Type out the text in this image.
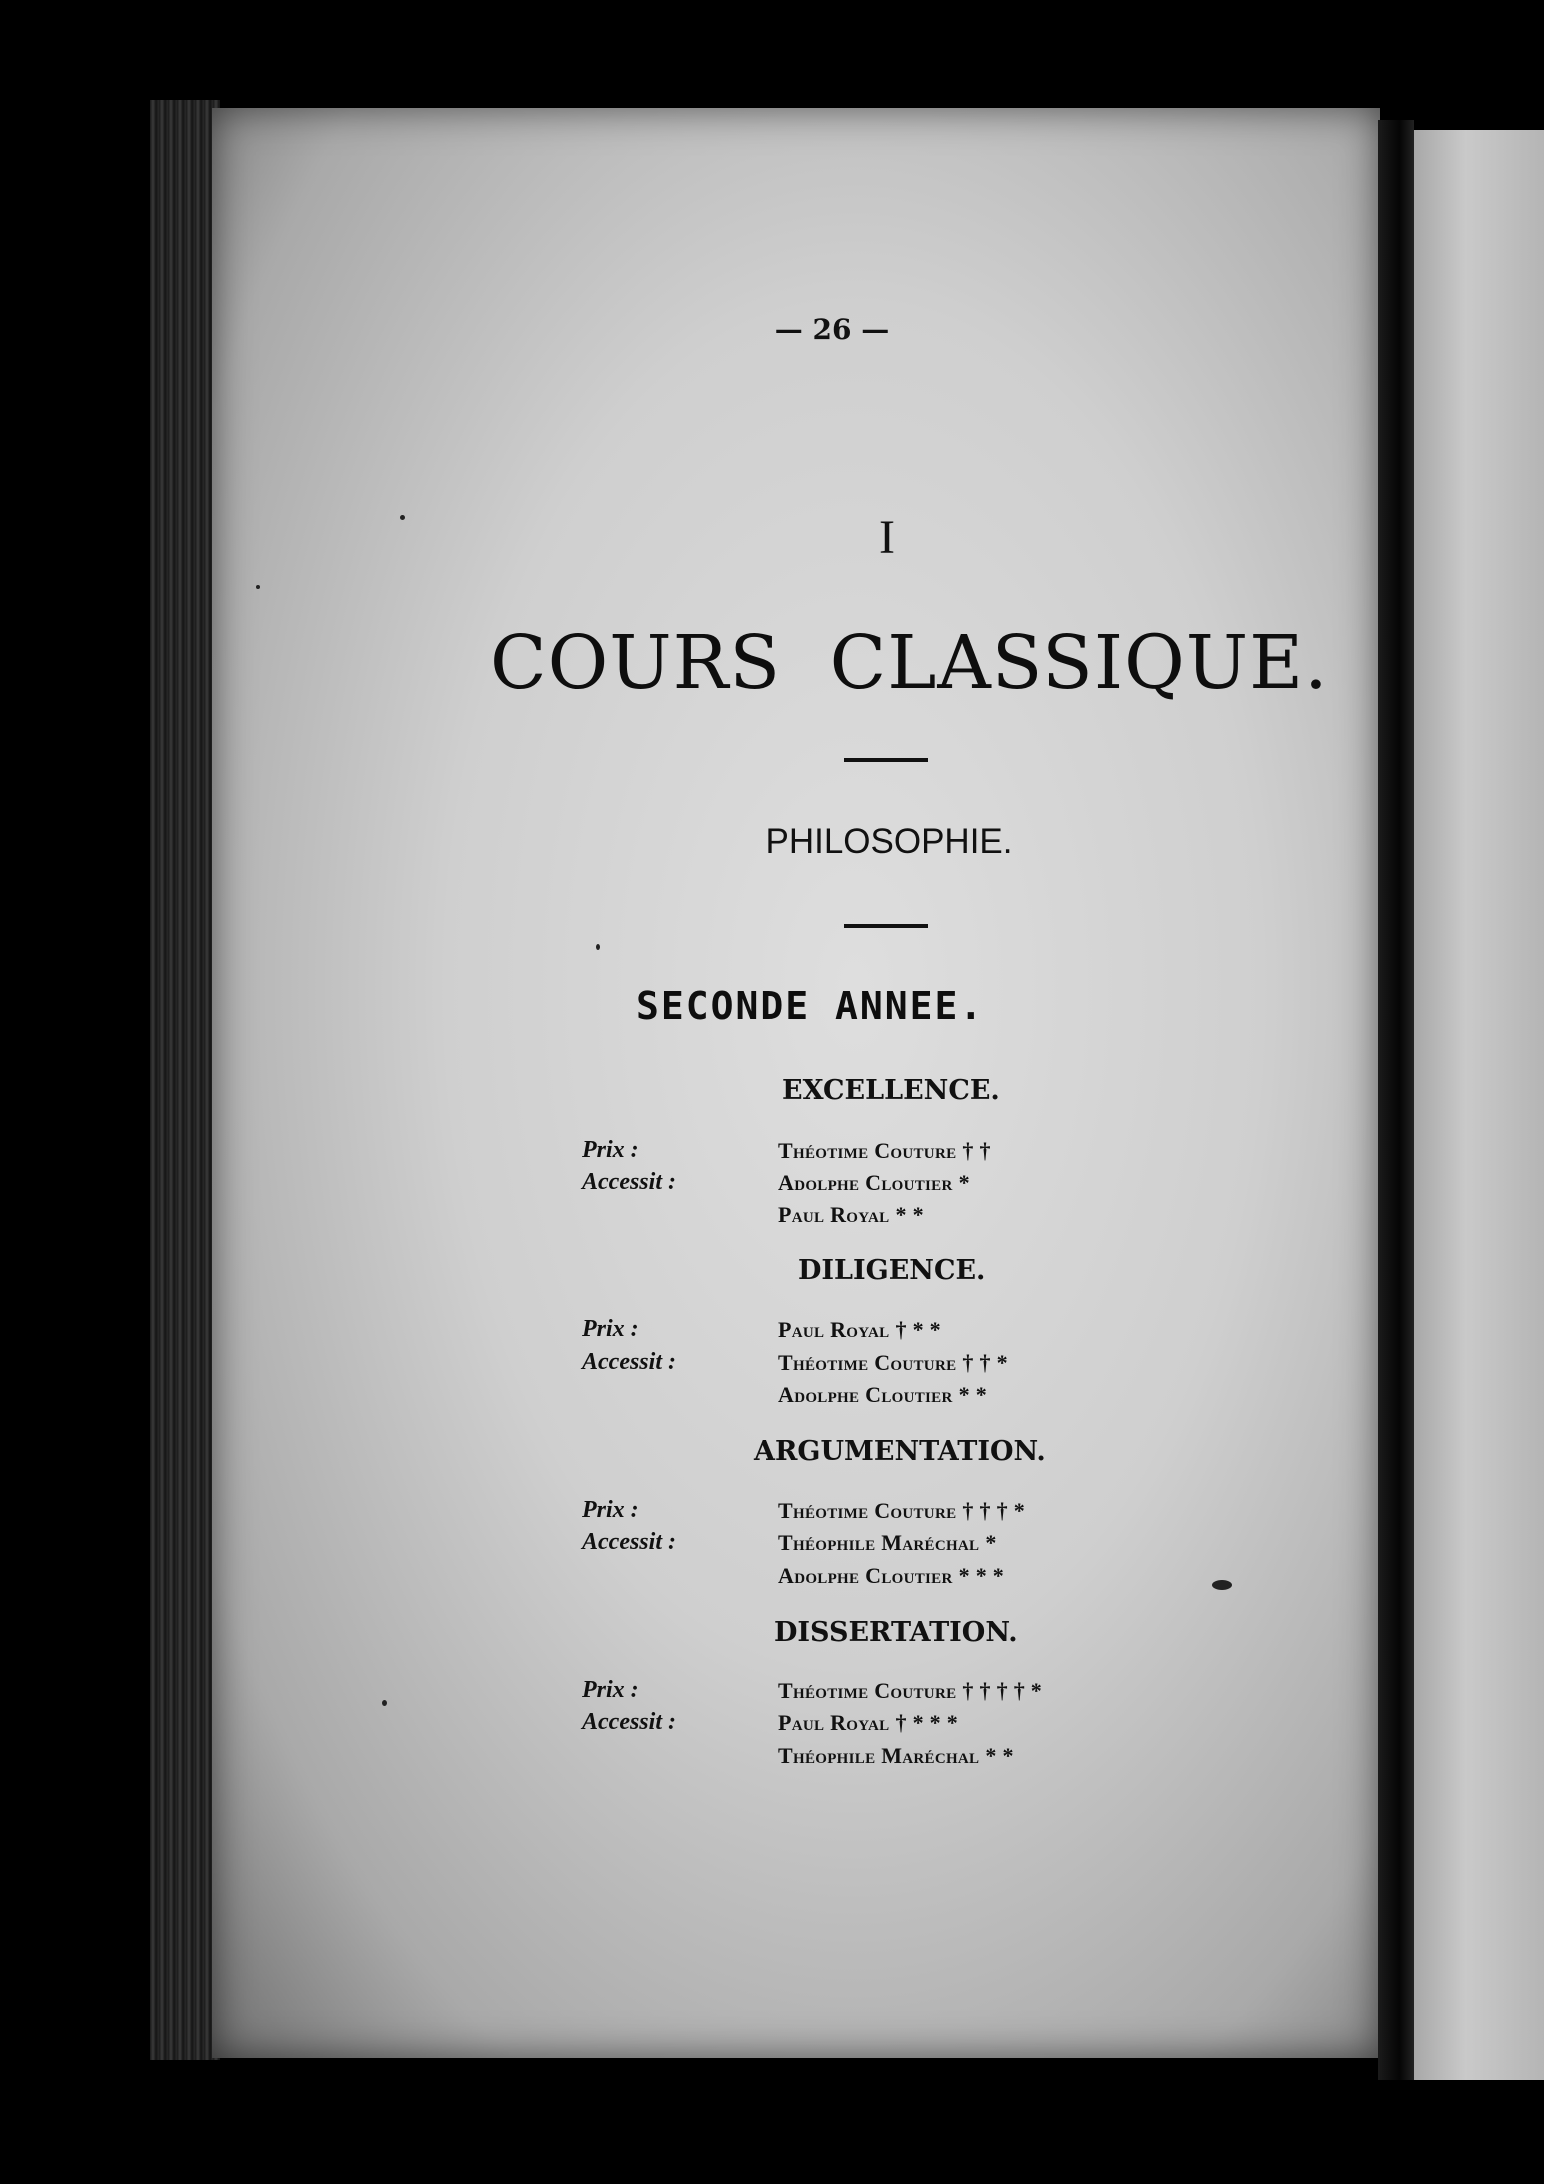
— 26 —
I
COURS CLASSIQUE.
PHILOSOPHIE.
SECONDE ANNEE.
EXCELLENCE.
Prix :	Théotime Couture † †
Accessit :	Adolphe Cloutier *
Paul Royal * *
DILIGENCE.
Prix :	Paul Royal † * *
Accessit :	Théotime Couture † † *
Adolphe Cloutier * *
ARGUMENTATION.
Prix :	Théotime Couture † † † *
Accessit :	Théophile Maréchal *
Adolphe Cloutier * * *
DISSERTATION.
Prix :	Théotime Couture † † † † *
Accessit :	Paul Royal † * * *
Théophile Maréchal * *
